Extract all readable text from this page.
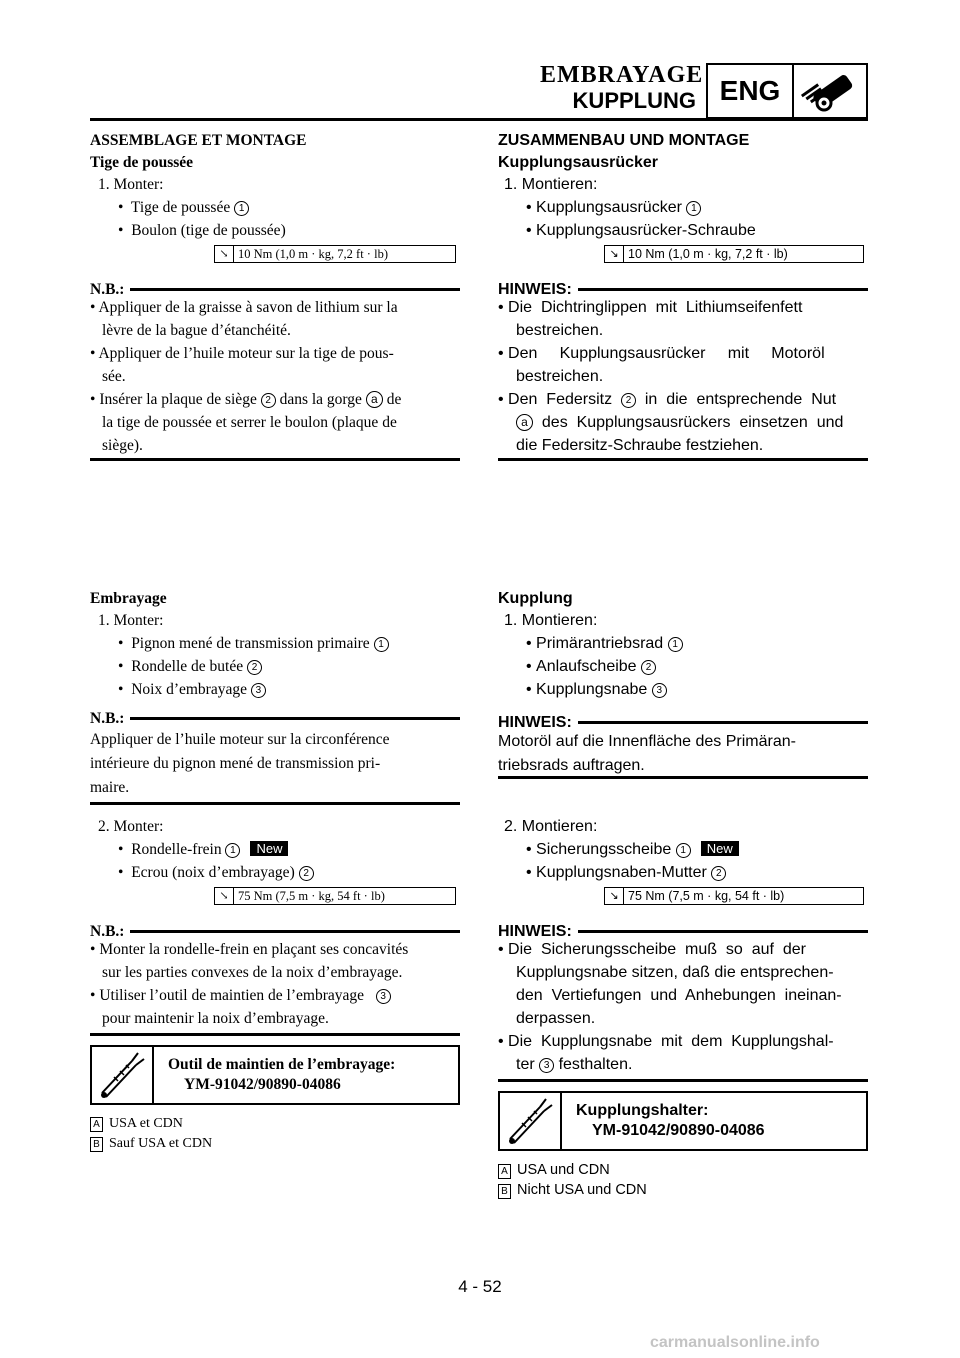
EMBRAYAGE
KUPPLUNG ENG
ASSEMBLAGE ET MONTAGE
Tige de poussée
1. Monter:
•  Tige de poussée 1
•  Boulon (tige de poussée)
↘ 10 Nm (1,0 m · kg, 7,2 ft · lb)
N.B.:
• Appliquer de la graisse à savon de lithium sur la
lèvre de la bague d’étanchéité.
• Appliquer de l’huile moteur sur la tige de pous-
sée.
• Insérer la plaque de siège 2 dans la gorge a de
la tige de poussée et serrer le boulon (plaque de
siège).
Embrayage
1. Monter:
•  Pignon mené de transmission primaire 1
•  Rondelle de butée 2
•  Noix d’embrayage 3
N.B.:
Appliquer de l’huile moteur sur la circonférence
intérieure du pignon mené de transmission pri-
maire.
2. Monter:
•  Rondelle-frein 1 New
•  Ecrou (noix d’embrayage) 2
↘ 75 Nm (7,5 m · kg, 54 ft · lb)
N.B.:
• Monter la rondelle-frein en plaçant ses concavités
sur les parties convexes de la noix d’embrayage.
• Utiliser l’outil de maintien de l’embrayage 3
pour maintenir la noix d’embrayage.
Outil de maintien de l’embrayage:
YM-91042/90890-04086
A USA et CDN
B Sauf USA et CDN
ZUSAMMENBAU UND MONTAGE
Kupplungsausrücker
1. Montieren:
• Kupplungsausrücker 1
• Kupplungsausrücker-Schraube
↘ 10 Nm (1,0 m · kg, 7,2 ft · lb)
HINWEIS:
• Die  Dichtringlippen  mit  Lithiumseifenfett
bestreichen.
• Den     Kupplungsausrücker     mit     Motoröl
bestreichen.
• Den  Federsitz 2 in  die  entsprechende  Nut
a des  Kupplungsausrückers  einsetzen  und
die Federsitz-Schraube festziehen.
Kupplung
1. Montieren:
• Primärantriebsrad 1
• Anlaufscheibe 2
• Kupplungsnabe 3
HINWEIS:
Motoröl auf die Innenfläche des Primäran-
triebsrads auftragen.
2. Montieren:
• Sicherungsscheibe 1 New
• Kupplungsnaben-Mutter 2
↘ 75 Nm (7,5 m · kg, 54 ft · lb)
HINWEIS:
• Die  Sicherungsscheibe  muß  so  auf  der
Kupplungsnabe sitzen, daß die entsprechen-
den  Vertiefungen  und  Anhebungen  ineinan-
derpassen.
• Die  Kupplungsnabe  mit  dem  Kupplungshal-
ter 3 festhalten.
Kupplungshalter:
YM-91042/90890-04086
A USA und CDN
B Nicht USA und CDN
4 - 52
carmanualsonline.info
